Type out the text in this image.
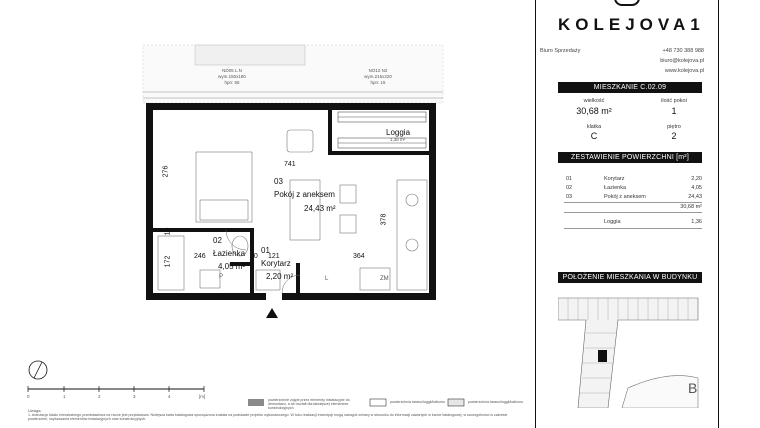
ND05 L.N
wym.150x180
hpn: 55
NO12 N2
wym.215x220
hpn: 15
Loggia
1,36 m²
03
Pokój z aneksem
24,43 m²
02
Łazienka
4,05 m²
01
Korytarz
2,20 m²
741
276
378
364
246
172
10
10 121
P	ZM
L
0	1	2	3	4	[m]
powierzchnie zajęte przez elementy instalacyjne do demontażu, a ich kształt dla łatwiejszej elementów konstrukcyjnych
powierzchnia tarasu/loggii/balkonu	powierzchnia tarasu/loggii/balkonu
Uwaga:
1. Aranżacja lokalu mieszkalnego przedstawiona na rzucie jest przykładowa. Niniejsza karta katalogowa sporządzona została na podstawie projektu wykonawczego. W toku realizacji inwestycji mogą nastąpić zmiany w stosunku do informacji zawartych w karcie katalogowej, w szczególności w zakresie powierzchni, usytuowania elementów instalacyjnych oraz konstrukcyjnych.
KOLEJOVA1
Biuro Sprzedaży	+48 730 388 988
biuro@kolejova.pl
www.kolejova.pl
MIESZKANIE C.02.09
wielkość
30,68 m²
ilość pokoi
1
klatka
C
piętro
2
ZESTAWIENIE POWIERZCHNI [m²]
01	Korytarz	2,20
02	Łazienka	4,05
03	Pokój z aneksem	24,43
30,68 m²
Loggia	1,36
POŁOŻENIE MIESZKANIA W BUDYNKU
B
